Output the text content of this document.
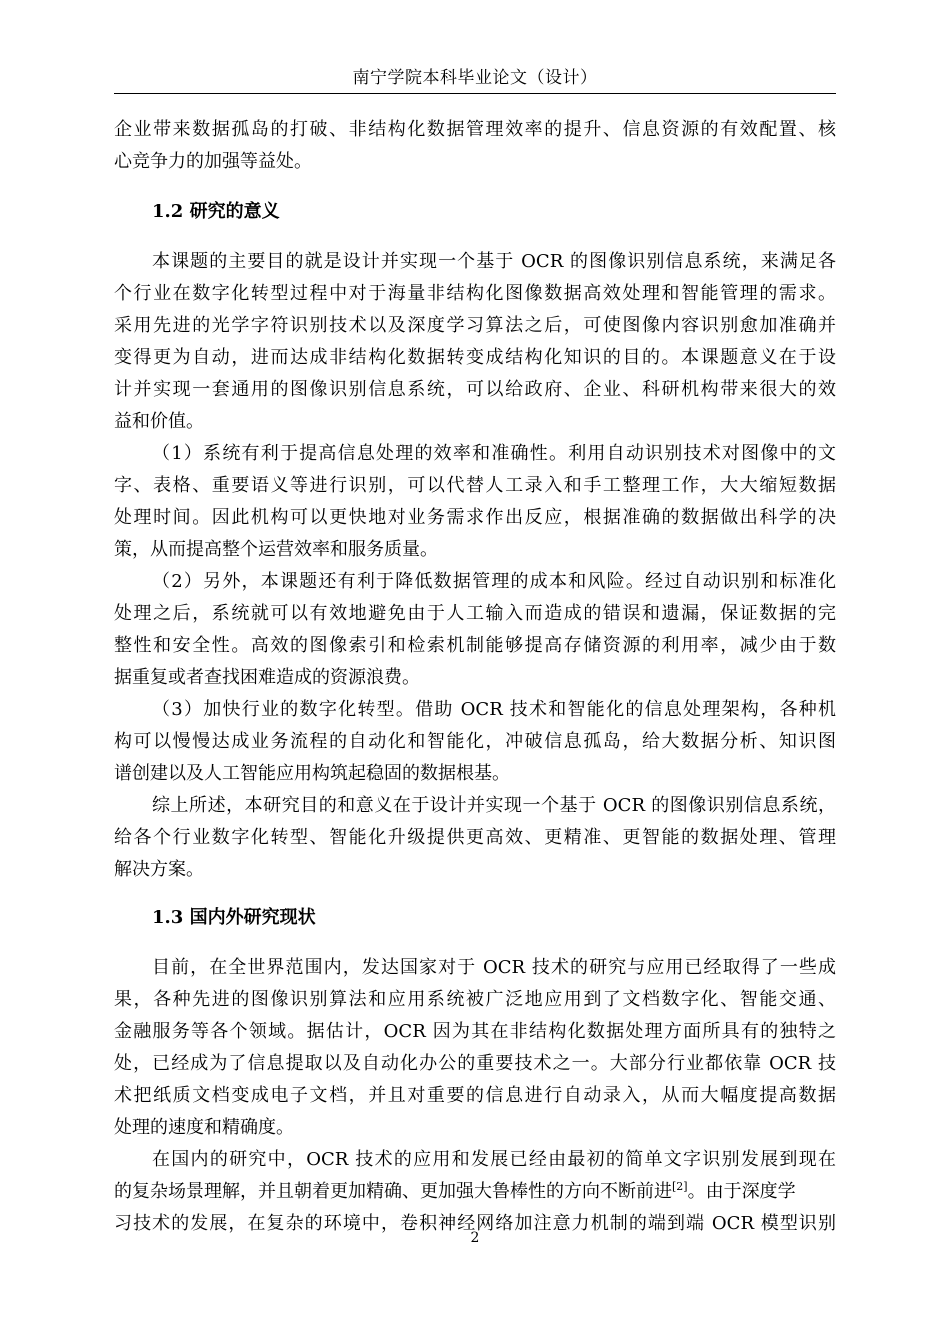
南宁学院本科毕业论文（设计）
企业带来数据孤岛的打破、非结构化数据管理效率的提升、信息资源的有效配置、核
心竞争力的加强等益处。
1.2 研究的意义
本课题的主要目的就是设计并实现一个基于 OCR 的图像识别信息系统，来满足各
个行业在数字化转型过程中对于海量非结构化图像数据高效处理和智能管理的需求。
采用先进的光学字符识别技术以及深度学习算法之后，可使图像内容识别愈加准确并
变得更为自动，进而达成非结构化数据转变成结构化知识的目的。本课题意义在于设
计并实现一套通用的图像识别信息系统，可以给政府、企业、科研机构带来很大的效
益和价值。
（1）系统有利于提高信息处理的效率和准确性。利用自动识别技术对图像中的文
字、表格、重要语义等进行识别，可以代替人工录入和手工整理工作，大大缩短数据
处理时间。因此机构可以更快地对业务需求作出反应，根据准确的数据做出科学的决
策，从而提高整个运营效率和服务质量。
（2）另外，本课题还有利于降低数据管理的成本和风险。经过自动识别和标准化
处理之后，系统就可以有效地避免由于人工输入而造成的错误和遗漏，保证数据的完
整性和安全性。高效的图像索引和检索机制能够提高存储资源的利用率，减少由于数
据重复或者查找困难造成的资源浪费。
（3）加快行业的数字化转型。借助 OCR 技术和智能化的信息处理架构，各种机
构可以慢慢达成业务流程的自动化和智能化，冲破信息孤岛，给大数据分析、知识图
谱创建以及人工智能应用构筑起稳固的数据根基。
综上所述，本研究目的和意义在于设计并实现一个基于 OCR 的图像识别信息系统，
给各个行业数字化转型、智能化升级提供更高效、更精准、更智能的数据处理、管理
解决方案。
1.3 国内外研究现状
目前，在全世界范围内，发达国家对于 OCR 技术的研究与应用已经取得了一些成
果，各种先进的图像识别算法和应用系统被广泛地应用到了文档数字化、智能交通、
金融服务等各个领域。据估计，OCR 因为其在非结构化数据处理方面所具有的独特之
处，已经成为了信息提取以及自动化办公的重要技术之一。大部分行业都依靠 OCR 技
术把纸质文档变成电子文档，并且对重要的信息进行自动录入，从而大幅度提高数据
处理的速度和精确度。
在国内的研究中，OCR 技术的应用和发展已经由最初的简单文字识别发展到现在
的复杂场景理解，并且朝着更加精确、更加强大鲁棒性的方向不断前进[2]。由于深度学
习技术的发展，在复杂的环境中，卷积神经网络加注意力机制的端到端 OCR 模型识别
2
